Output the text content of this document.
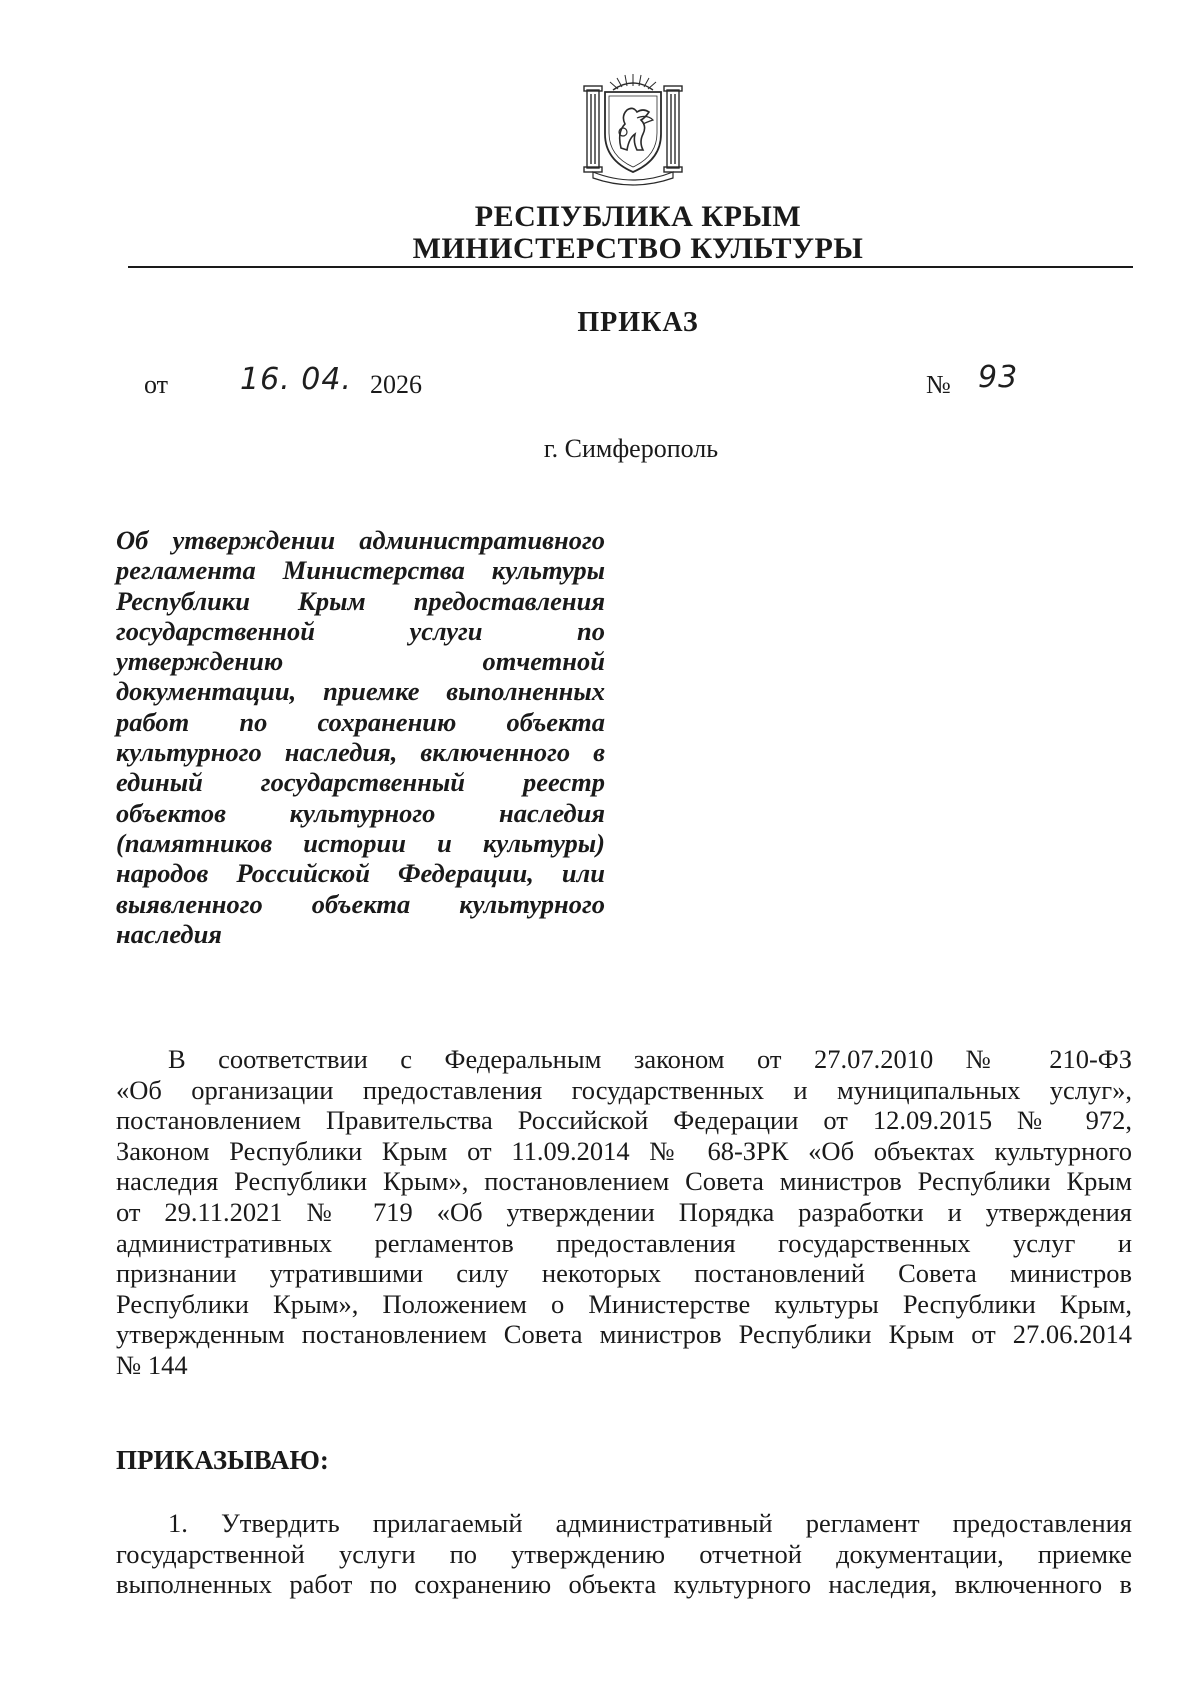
РЕСПУБЛИКА КРЫМ
МИНИСТЕРСТВО КУЛЬТУРЫ
ПРИКАЗ
от 16. 04. 2026	№ 93
г. Симферополь
Об утверждении административного
регламента Министерства культуры
Республики Крым предоставления
государственной услуги по
утверждению отчетной
документации, приемке выполненных
работ по сохранению объекта
культурного наследия, включенного в
единый государственный реестр
объектов культурного наследия
(памятников истории и культуры)
народов Российской Федерации, или
выявленного объекта культурного
наследия
В соответствии с Федеральным законом от 27.07.2010 № 210-ФЗ
«Об организации предоставления государственных и муниципальных услуг»,
постановлением Правительства Российской Федерации от 12.09.2015 № 972,
Законом Республики Крым от 11.09.2014 № 68-ЗРК «Об объектах культурного
наследия Республики Крым», постановлением Совета министров Республики Крым
от 29.11.2021 № 719 «Об утверждении Порядка разработки и утверждения
административных регламентов предоставления государственных услуг и
признании утратившими силу некоторых постановлений Совета министров
Республики Крым», Положением о Министерстве культуры Республики Крым,
утвержденным постановлением Совета министров Республики Крым от 27.06.2014
№ 144
ПРИКАЗЫВАЮ:
1. Утвердить прилагаемый административный регламент предоставления
государственной услуги по утверждению отчетной документации, приемке
выполненных работ по сохранению объекта культурного наследия, включенного в
